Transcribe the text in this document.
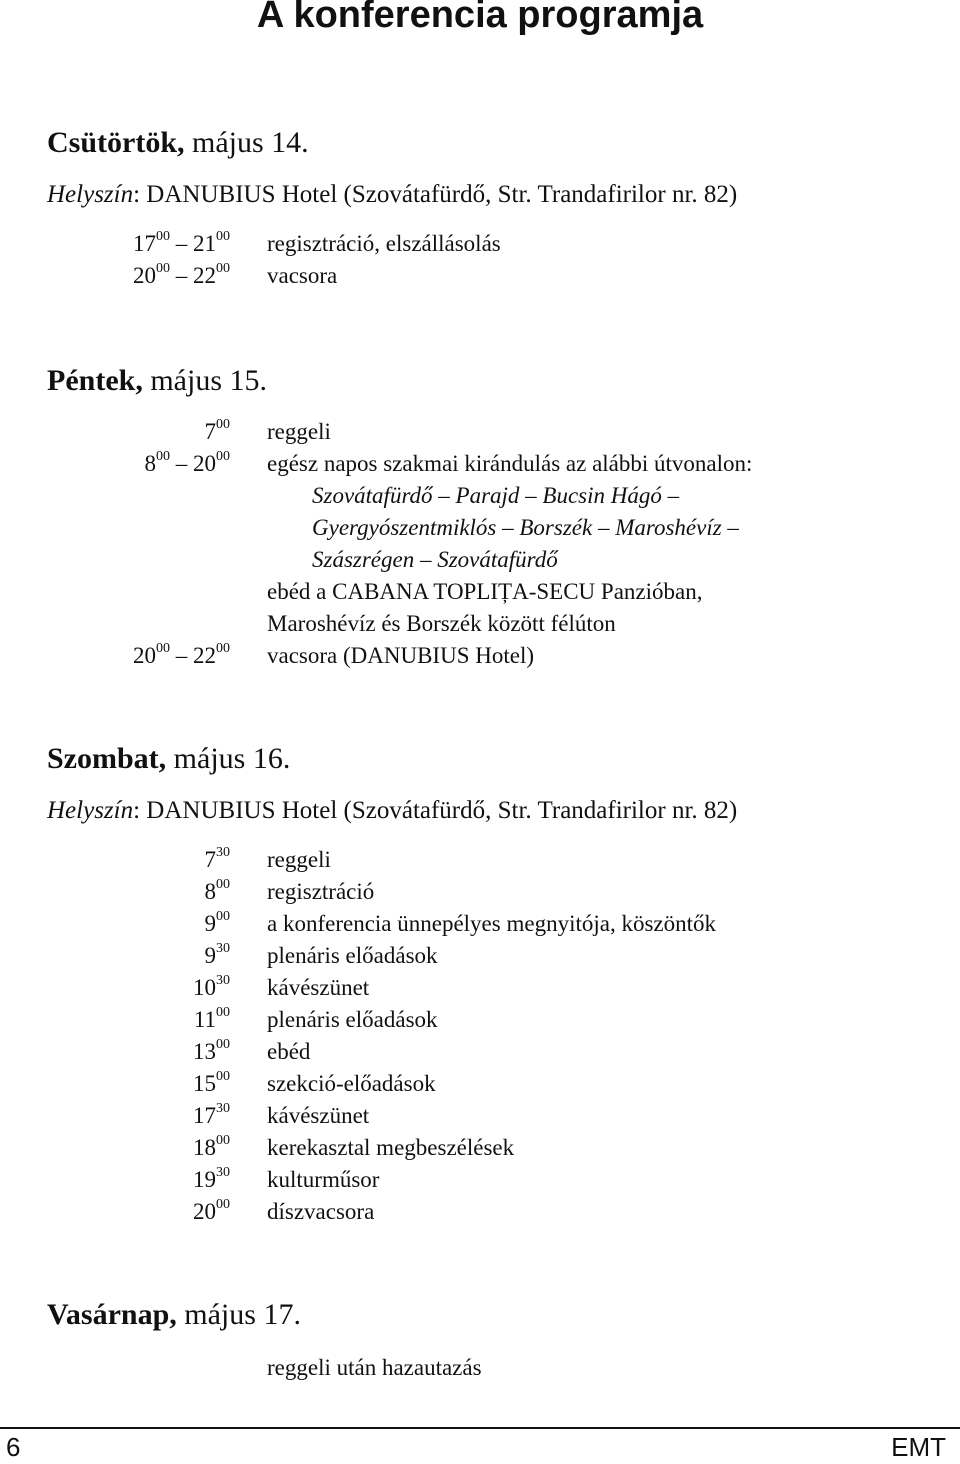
A konferencia programja
Csütörtök, május 14.
Helyszín: DANUBIUS Hotel (Szovátafürdő, Str. Trandafirilor nr. 82)
$17^{00} - 21^{00}$ regisztráció, elszállásolás
$20^{00} - 22^{00}$ vacsora
Péntek, május 15.
$7^{00}$ reggeli
$8^{00} - 20^{00}$ egész napos szakmai kirándulás az alábbi útvonalon:
Szovátafürdő – Parajd – Bucsin Hágó –
Gyergyószentmiklós – Borszék – Maroshévíz –
Szászrégen – Szovátafürdő
ebéd a CABANA TOPLIȚA-SECU Panzióban,
Maroshévíz és Borszék között félúton
$20^{00} - 22^{00}$ vacsora (DANUBIUS Hotel)
Szombat, május 16.
Helyszín: DANUBIUS Hotel (Szovátafürdő, Str. Trandafirilor nr. 82)
$7^{30}$ reggeli
$8^{00}$ regisztráció
$9^{00}$ a konferencia ünnepélyes megnyitója, köszöntők
$9^{30}$ plenáris előadások
$10^{30}$ kávészünet
$11^{00}$ plenáris előadások
$13^{00}$ ebéd
$15^{00}$ szekció-előadások
$17^{30}$ kávészünet
$18^{00}$ kerekasztal megbeszélések
$19^{30}$ kulturműsor
$20^{00}$ díszvacsora
Vasárnap, május 17.
reggeli után hazautazás
6	EMT
